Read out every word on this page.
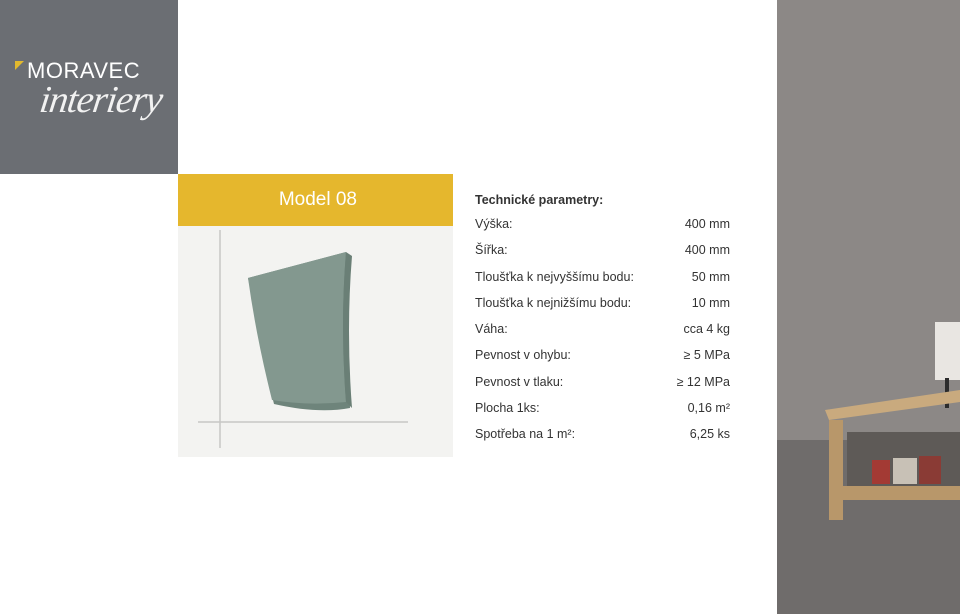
MORAVEC
interiery
Model 08	Technické parametry:
Výška:	400 mm
Šířka:	400 mm
Tloušťka k nejvyššímu bodu:	50 mm
Tloušťka k nejnižšímu bodu:	10 mm
Váha:	cca 4 kg
Pevnost v ohybu:	≥ 5 MPa
Pevnost v tlaku:	≥ 12 MPa
Plocha 1ks:	0,16 m²
Spotřeba na 1 m²:	6,25 ks
